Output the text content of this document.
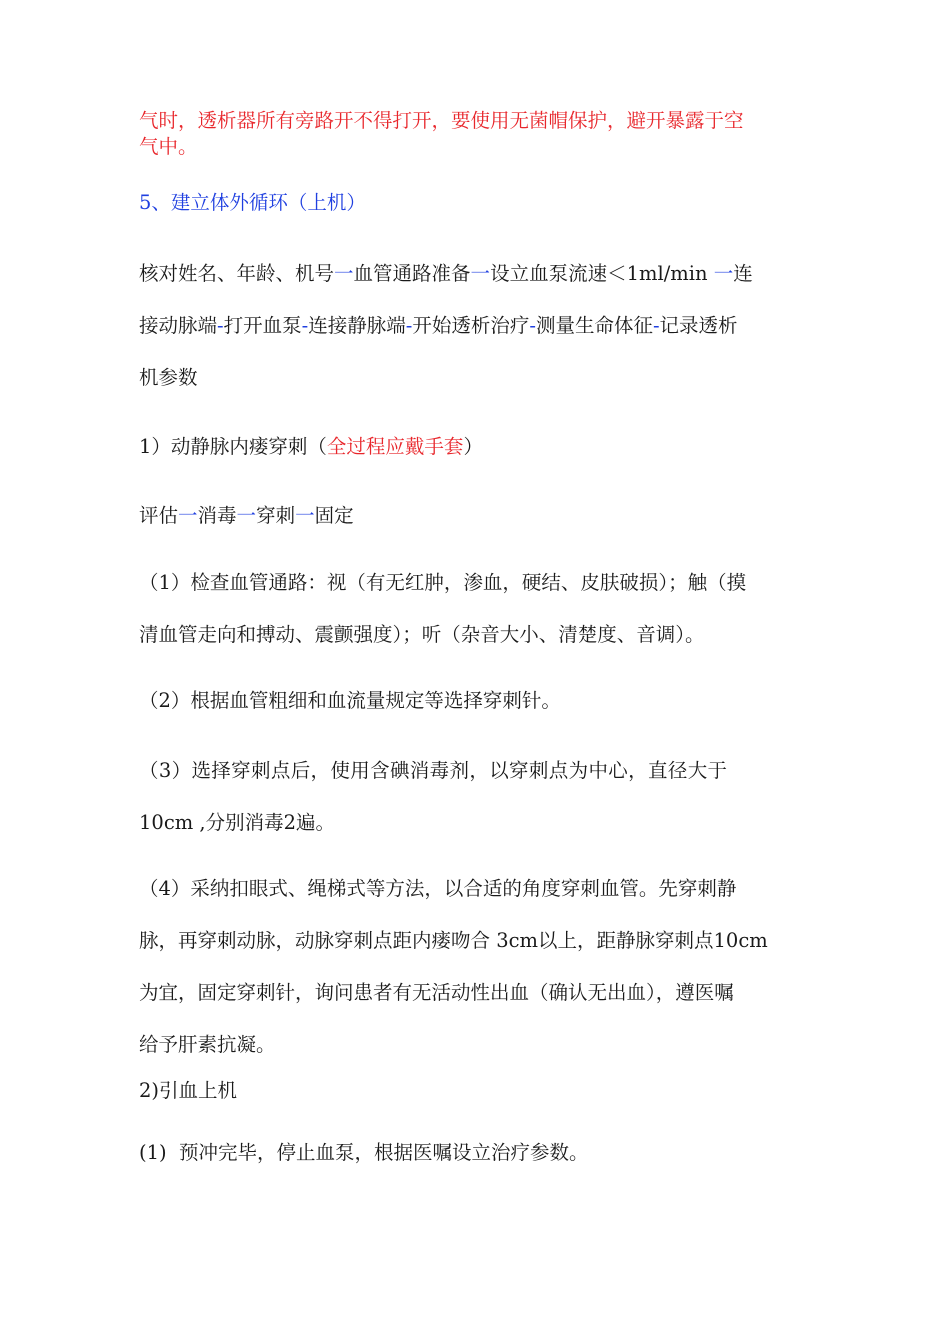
气时，透析器所有旁路开不得打开，要使用无菌帽保护，避开暴露于空
气中。
5、建立体外循环（上机）
核对姓名、年龄、机号一血管通路准备一设立血泵流速＜1ml/min 一连
接动脉端-打开血泵-连接静脉端-开始透析治疗-测量生命体征-记录透析
机参数
1）动静脉内瘘穿刺（全过程应戴手套）
评估一消毒一穿刺一固定
（1）检查血管通路：视（有无红肿，渗血，硬结、皮肤破损）；触（摸
清血管走向和搏动、震颤强度）；听（杂音大小、清楚度、音调）。
（2）根据血管粗细和血流量规定等选择穿刺针。
（3）选择穿刺点后，使用含碘消毒剂，以穿刺点为中心，直径大于
10cm ,分别消毒2遍。
（4）采纳扣眼式、绳梯式等方法，以合适的角度穿刺血管。先穿刺静
脉，再穿刺动脉，动脉穿刺点距内瘘吻合 3cm以上，距静脉穿刺点10cm
为宜，固定穿刺针，询问患者有无活动性出血（确认无出血），遵医嘱
给予肝素抗凝。
2)引血上机
(1)  预冲完毕，停止血泵，根据医嘱设立治疗参数。
